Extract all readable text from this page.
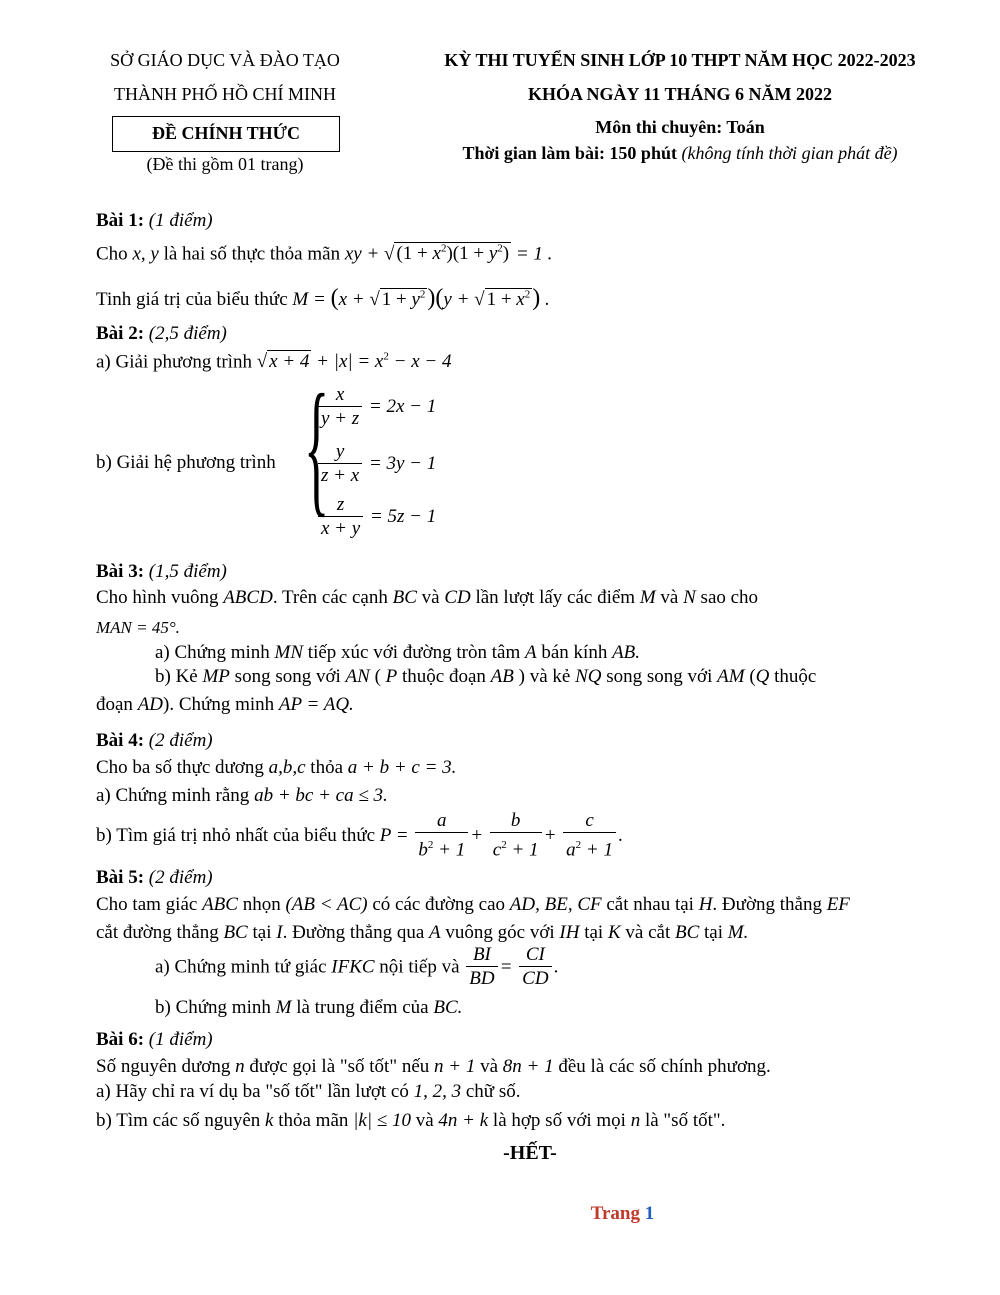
SỞ GIÁO DỤC VÀ ĐÀO TẠO
THÀNH PHỐ HỒ CHÍ MINH
ĐỀ CHÍNH THỨC
(Đề thi gồm 01 trang)
KỲ THI TUYỂN SINH LỚP 10 THPT NĂM HỌC 2022-2023
KHÓA NGÀY 11 THÁNG 6 NĂM 2022
Môn thi chuyên: Toán
Thời gian làm bài: 150 phút (không tính thời gian phát đề)
Bài 1: (1 điểm)
Cho x, y là hai số thực thỏa mãn xy + √ $(1 + x^2)(1 + y^2) = 1$ .
Tinh giá trị của biểu thức M = (x + √ $1 + y^2)(y$ + √ $1 + x^2$) .
Bài 2: (2,5 điểm)
a) Giải phương trình √ $x + 4 + |x| = x^2 - x - 4$
b) Giải hệ phương trình {
$\frac{x}{y + z} = 2x - 1$
$\frac{y}{z + x} = 3y - 1$
$\frac{z}{x + y} = 5z - 1$
Bài 3: (1,5 điểm)
Cho hình vuông ABCD. Trên các cạnh BC và CD lần lượt lấy các điểm M và N sao cho
MAN = 45°.
a) Chứng minh MN tiếp xúc với đường tròn tâm A bán kính AB.
b) Kẻ MP song song với AN ( P thuộc đoạn AB ) và kẻ NQ song song với AM (Q thuộc
đoạn AD). Chứng minh AP = AQ.
Bài 4: (2 điểm)
Cho ba số thực dương a,b,c thỏa a + b + c = 3.
a) Chứng minh rằng ab + bc + ca ≤ 3.
b) Tìm giá trị nhỏ nhất của biểu thức $P = \frac{a}{b^2 + 1} + \frac{b}{c^2 + 1} + \frac{c}{a^2 + 1}$ .
Bài 5: (2 điểm)
Cho tam giác ABC nhọn (AB < AC) có các đường cao AD, BE, CF cắt nhau tại H. Đường thẳng EF
cắt đường thẳng BC tại I. Đường thẳng qua A vuông góc với IH tại K và cắt BC tại M.
a) Chứng minh tứ giác IFKC nội tiếp và $\frac{BI}{BD} = \frac{CI}{CD}$ .
b) Chứng minh M là trung điểm của BC.
Bài 6: (1 điểm)
Số nguyên dương n được gọi là "số tốt" nếu n + 1 và 8n + 1 đều là các số chính phương.
a) Hãy chỉ ra ví dụ ba "số tốt" lần lượt có 1, 2, 3 chữ số.
b) Tìm các số nguyên k thỏa mãn |k| ≤ 10 và 4n + k là hợp số với mọi n là "số tốt".
-HẾT-
Trang 1
